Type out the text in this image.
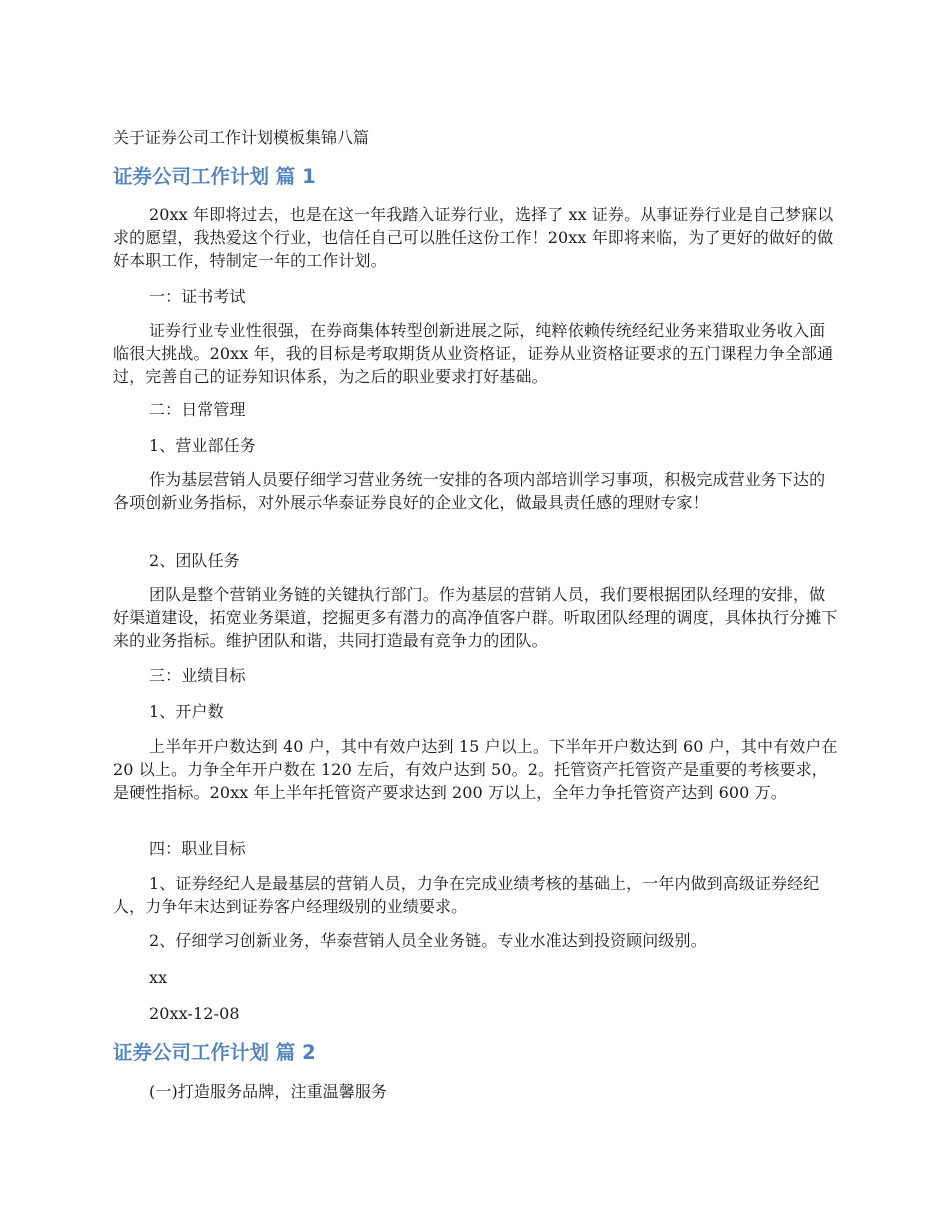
关于证券公司工作计划模板集锦八篇
证券公司工作计划 篇 1

20xx 年即将过去，也是在这一年我踏入证券行业，选择了 xx 证券。从事证券行业是自己梦寐以求的愿望，我热爱这个行业，也信任自己可以胜任这份工作！20xx 年即将来临，为了更好的做好的做好本职工作，特制定一年的工作计划。

一：证书考试

证券行业专业性很强，在券商集体转型创新进展之际，纯粹依赖传统经纪业务来猎取业务收入面临很大挑战。20xx 年，我的目标是考取期货从业资格证，证券从业资格证要求的五门课程力争全部通过，完善自己的证券知识体系，为之后的职业要求打好基础。

二：日常管理

1、营业部任务

作为基层营销人员要仔细学习营业务统一安排的各项内部培训学习事项，积极完成营业务下达的各项创新业务指标，对外展示华泰证券良好的企业文化，做最具责任感的理财专家！

2、团队任务

团队是整个营销业务链的关键执行部门。作为基层的营销人员，我们要根据团队经理的安排，做好渠道建设，拓宽业务渠道，挖掘更多有潜力的高净值客户群。听取团队经理的调度，具体执行分摊下来的业务指标。维护团队和谐，共同打造最有竞争力的团队。

三：业绩目标

1、开户数

上半年开户数达到 40 户，其中有效户达到 15 户以上。下半年开户数达到 60 户，其中有效户在 20 以上。力争全年开户数在 120 左后，有效户达到 50。2。托管资产托管资产是重要的考核要求，是硬性指标。20xx 年上半年托管资产要求达到 200 万以上，全年力争托管资产达到 600 万。

四：职业目标

1、证券经纪人是最基层的营销人员，力争在完成业绩考核的基础上，一年内做到高级证券经纪人，力争年末达到证券客户经理级别的业绩要求。

2、仔细学习创新业务，华泰营销人员全业务链。专业水准达到投资顾问级别。

xx

20xx-12-08

证券公司工作计划 篇 2

(一)打造服务品牌，注重温馨服务
